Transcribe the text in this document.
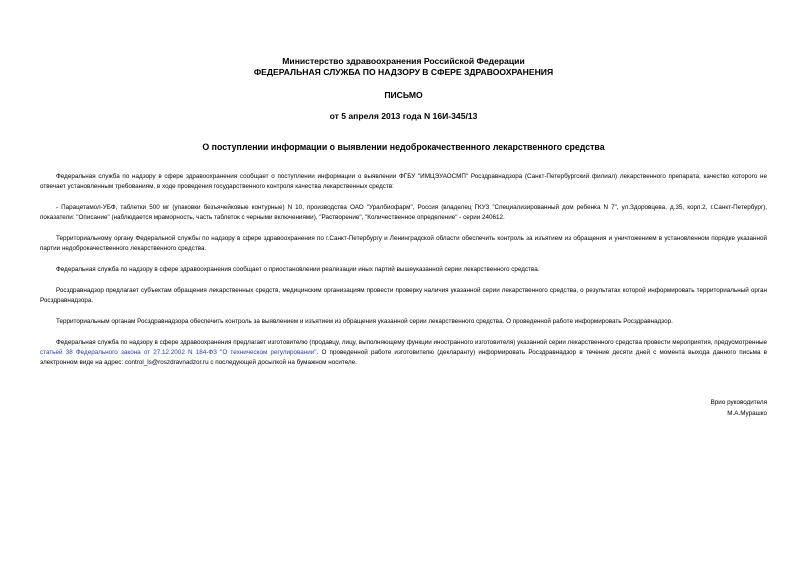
Министерство здравоохранения Российской Федерации
ФЕДЕРАЛЬНАЯ СЛУЖБА ПО НАДЗОРУ В СФЕРЕ ЗДРАВООХРАНЕНИЯ
ПИСЬМО
от 5 апреля 2013 года N 16И-345/13
О поступлении информации о выявлении недоброкачественного лекарственного средства

Федеральная служба по надзору в сфере здравоохранения сообщает о поступлении информации о выявлении ФГБУ "ИМЦЭУАОСМП" Росздравнадзора (Санкт-Петербургский филиал) лекарственного препарата, качество которого не отвечает установленным требованиям, в ходе проведения государственного контроля качества лекарственных средств:

- Парацетамол-УБФ, таблетки 500 мг (упаковки безъячейковые контурные) N 10, производства ОАО "Уралбиофарм", Россия (владелец ГКУЗ "Специализированный дом ребенка N 7", ул.Здоровцева, д.35, корп.2, г.Санкт-Петербург), показатели: "Описание" (наблюдается мраморность, часть таблеток с черными включениями), "Растворение", "Количественное определение" - серии 240612.

Территориальному органу Федеральной службы по надзору в сфере здравоохранения по г.Санкт-Петербургу и Ленинградской области обеспечить контроль за изъятием из обращения и уничтожением в установленном порядке указанной партии недоброкачественного лекарственного средства.

Федеральная служба по надзору в сфере здравоохранения сообщает о приостановлении реализации иных партий вышеуказанной серии лекарственного средства.

Росздравнадзор предлагает субъектам обращения лекарственных средств, медицинским организациям провести проверку наличия указанной серии лекарственного средства, о результатах которой информировать территориальный орган Росздравнадзора.

Территориальным органам Росздравнадзора обеспечить контроль за выявлением и изъятием из обращения указанной серии лекарственного средства. О проведенной работе информировать Росздравнадзор.

Федеральная служба по надзору в сфере здравоохранения предлагает изготовителю (продавцу, лицу, выполняющему функции иностранного изготовителя) указанной серии лекарственного средства провести мероприятия, предусмотренные статьей 38 Федерального закона от 27.12.2002 N 184-ФЗ "О техническом регулировании". О проведенной работе изготовителю (декларанту) информировать Росздравнадзор в течение десяти дней с момента выхода данного письма в электронном виде на адрес: control_ls@roszdravnadzor.ru с последующей досылкой на бумажном носителе.

Врио руководителя
М.А.Мурашко
